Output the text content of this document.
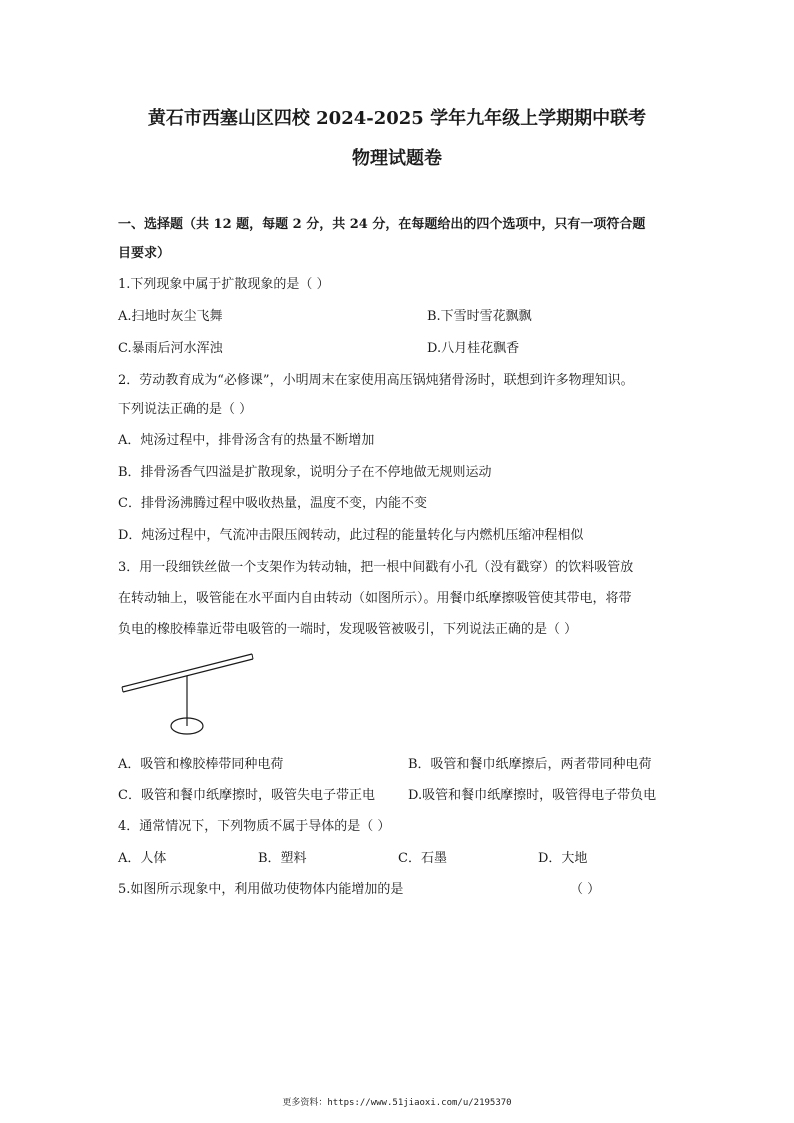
黄石市西塞山区四校 2024-2025 学年九年级上学期期中联考
物理试题卷
一、选择题（共 12 题，每题 2 分，共 24 分，在每题给出的四个选项中，只有一项符合题
目要求）
1.下列现象中属于扩散现象的是（ ）
A.扫地时灰尘飞舞	B.下雪时雪花飘飘
C.暴雨后河水浑浊	D.八月桂花飘香
2．劳动教育成为“必修课”，小明周末在家使用高压锅炖猪骨汤时，联想到许多物理知识。
下列说法正确的是（ ）
A．炖汤过程中，排骨汤含有的热量不断增加
B．排骨汤香气四溢是扩散现象，说明分子在不停地做无规则运动
C．排骨汤沸腾过程中吸收热量，温度不变，内能不变
D．炖汤过程中，气流冲击限压阀转动，此过程的能量转化与内燃机压缩冲程相似
3．用一段细铁丝做一个支架作为转动轴，把一根中间戳有小孔（没有戳穿）的饮料吸管放
在转动轴上，吸管能在水平面内自由转动（如图所示）。用餐巾纸摩擦吸管使其带电，将带
负电的橡胶棒靠近带电吸管的一端时，发现吸管被吸引，下列说法正确的是（ ）
A．吸管和橡胶棒带同种电荷	B．吸管和餐巾纸摩擦后，两者带同种电荷
C．吸管和餐巾纸摩擦时，吸管失电子带正电	D.吸管和餐巾纸摩擦时，吸管得电子带负电
4．通常情况下，下列物质不属于导体的是（ ）
A．人体	B．塑料	C．石墨	D．大地
5.如图所示现象中，利用做功使物体内能增加的是	（ ）
更多资料：https://www.51jiaoxi.com/u/2195370
